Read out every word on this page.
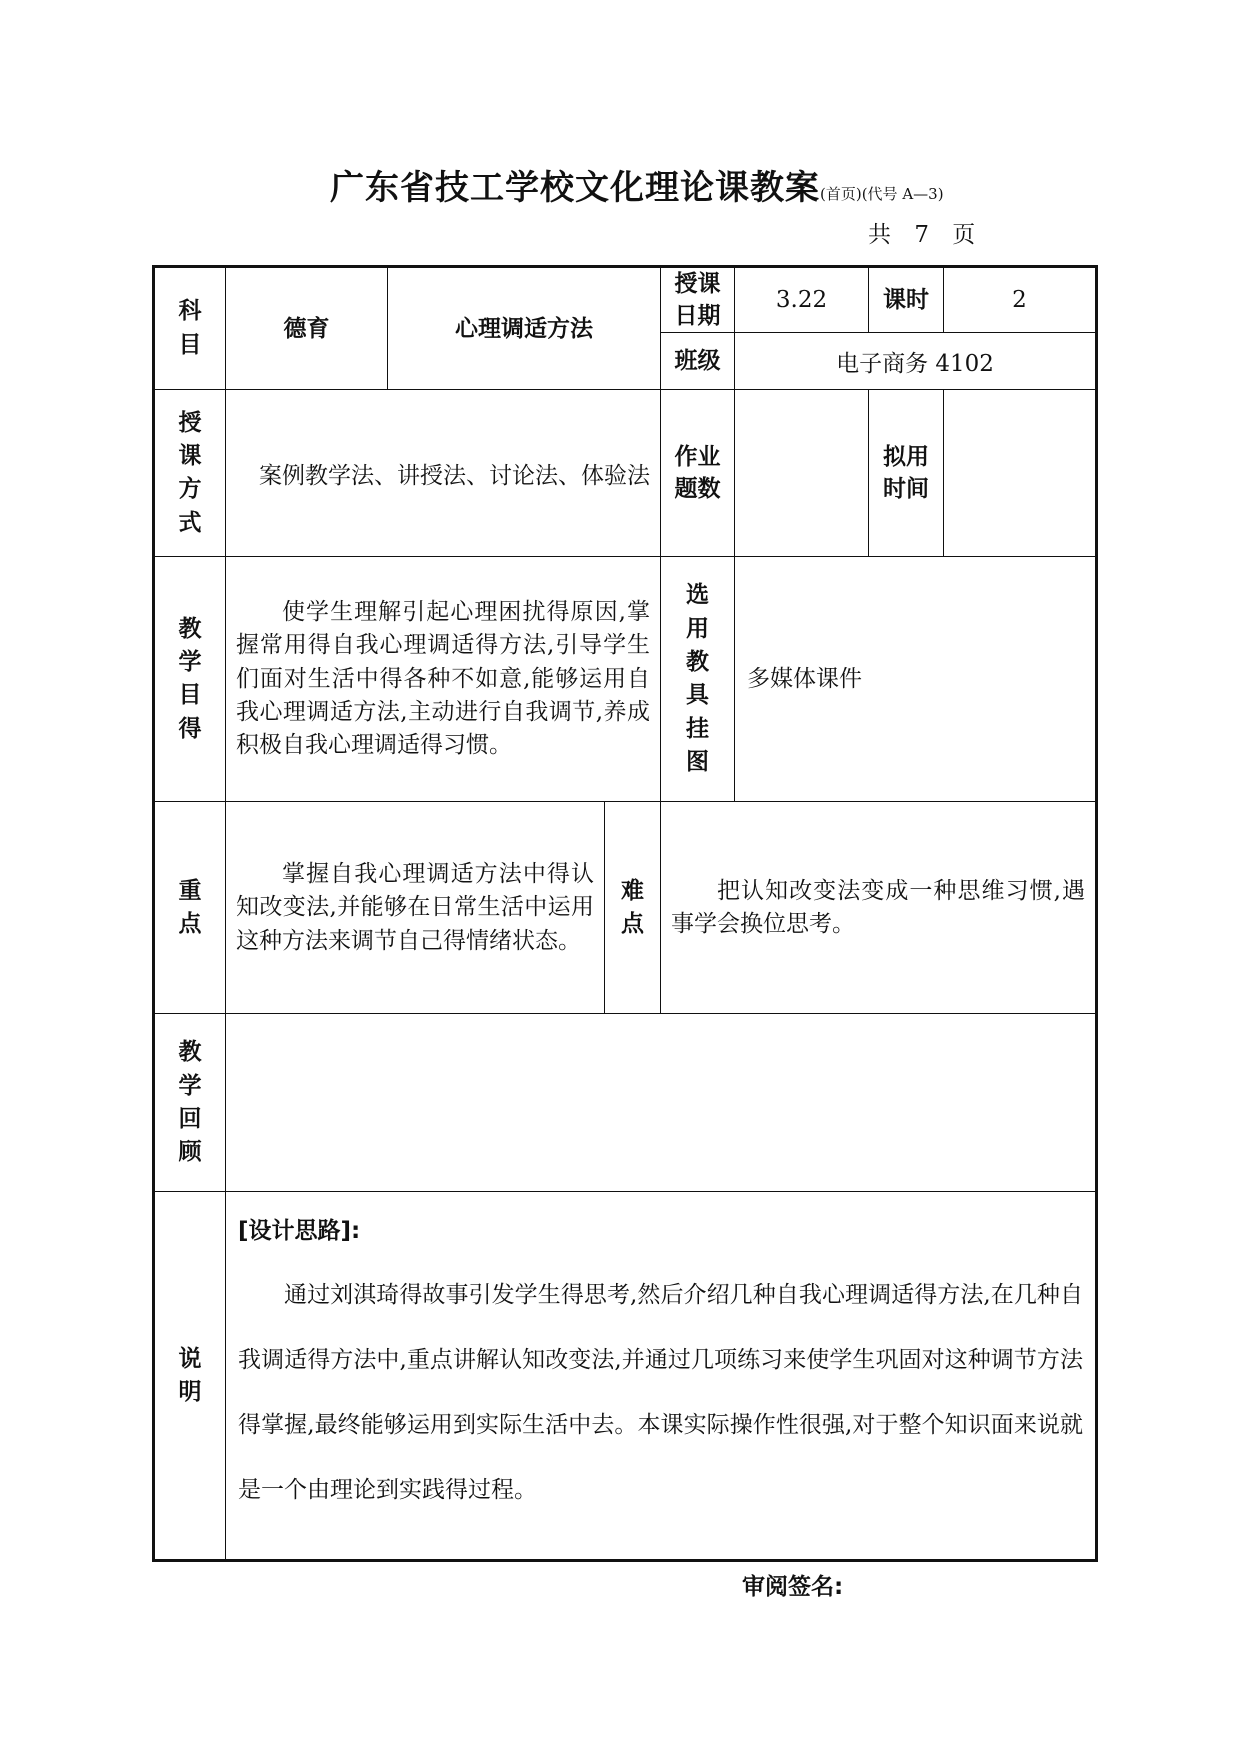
广东省技工学校文化理论课教案(首页)(代号 A—3)
共 7 页
科目	德育	心理调适方法		授课日期	3.22	课时	2
				班级	电子商务 4102		

授课方式	案例教学法、讲授法、讨论法、体验法			作业题数		拟用时间	

教学目得	使学生理解引起心理困扰得原因,掌握常用得自我心理调适得方法,引导学生们面对生活中得各种不如意,能够运用自我心理调适方法,主动进行自我调节,养成积极自我心理调适得习惯。			选用教具挂图	多媒体课件		

重点	掌握自我心理调适方法中得认知改变法,并能够在日常生活中运用这种方法来调节自己得情绪状态。		难点	把认知改变法变成一种思维习惯,遇事学会换位思考。			

教学回顾							

说明	[设计思路]:
通过刘淇琦得故事引发学生得思考,然后介绍几种自我心理调适得方法,在几种自我调适得方法中,重点讲解认知改变法,并通过几项练习来使学生巩固对这种调节方法得掌握,最终能够运用到实际生活中去。本课实际操作性很强,对于整个知识面来说就是一个由理论到实践得过程。						
审阅签名:
